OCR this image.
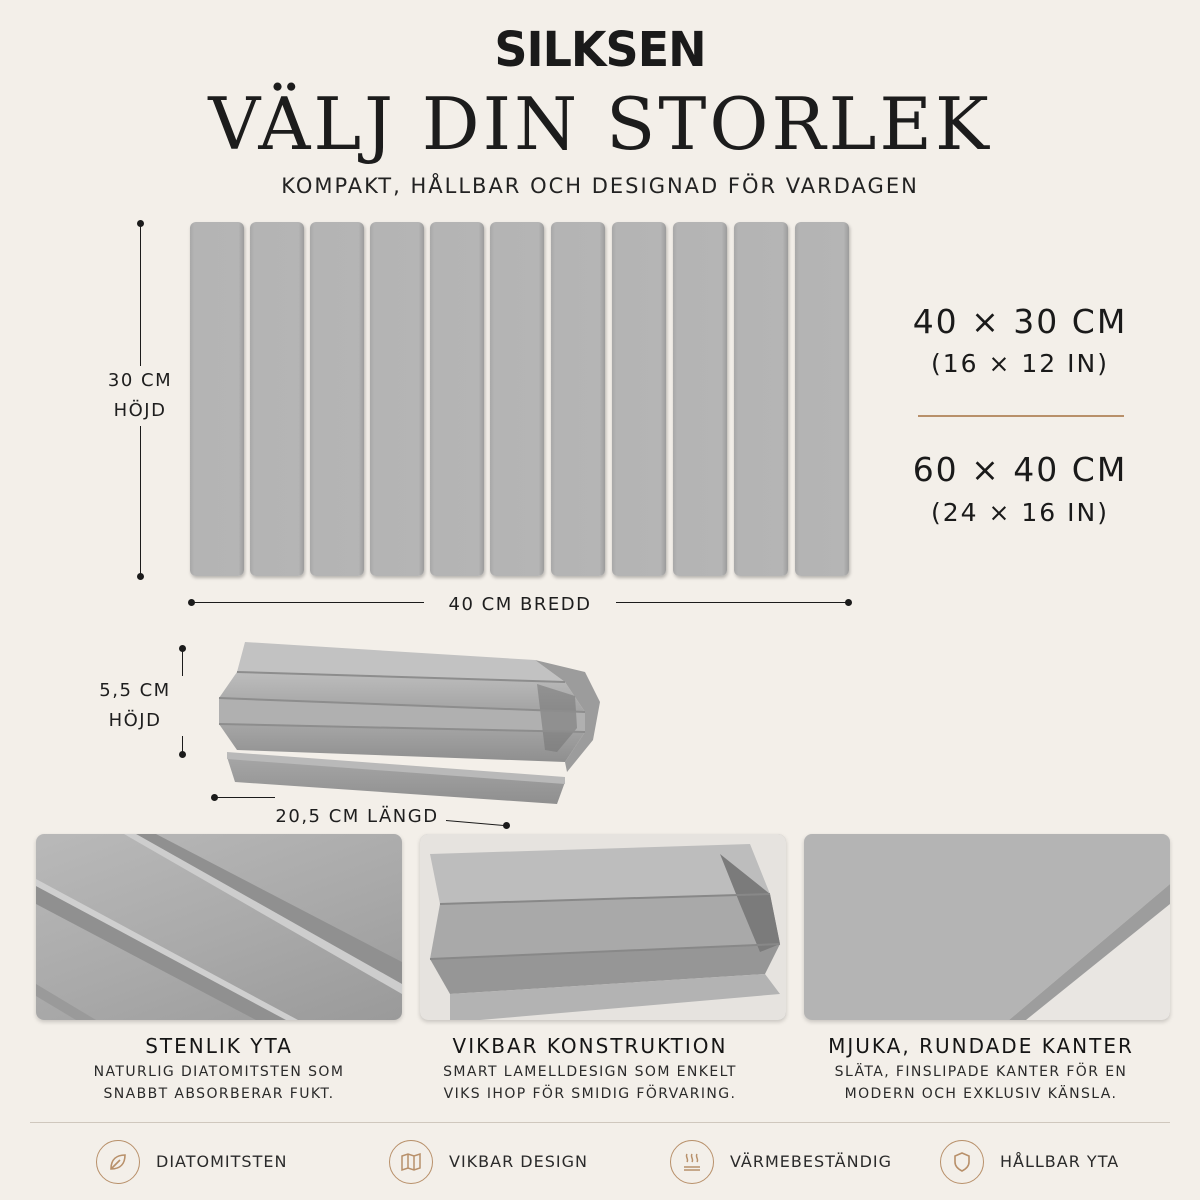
SILKSEN
VÄLJ DIN STORLEK
KOMPAKT, HÅLLBAR OCH DESIGNAD FÖR VARDAGEN
30 CM
HÖJD
40 CM BREDD
40 × 30 CM
(16 × 12 IN)
60 × 40 CM
(24 × 16 IN)
5,5 CM
HÖJD
20,5 CM LÄNGD
STENLIK YTA
NATURLIG DIATOMITSTEN SOM
SNABBT ABSORBERAR FUKT.
VIKBAR KONSTRUKTION
SMART LAMELLDESIGN SOM ENKELT
VIKS IHOP FÖR SMIDIG FÖRVARING.
MJUKA, RUNDADE KANTER
SLÄTA, FINSLIPADE KANTER FÖR EN
MODERN OCH EXKLUSIV KÄNSLA.
DIATOMITSTEN	VIKBAR DESIGN	VÄRMEBESTÄNDIG	HÅLLBAR YTA
